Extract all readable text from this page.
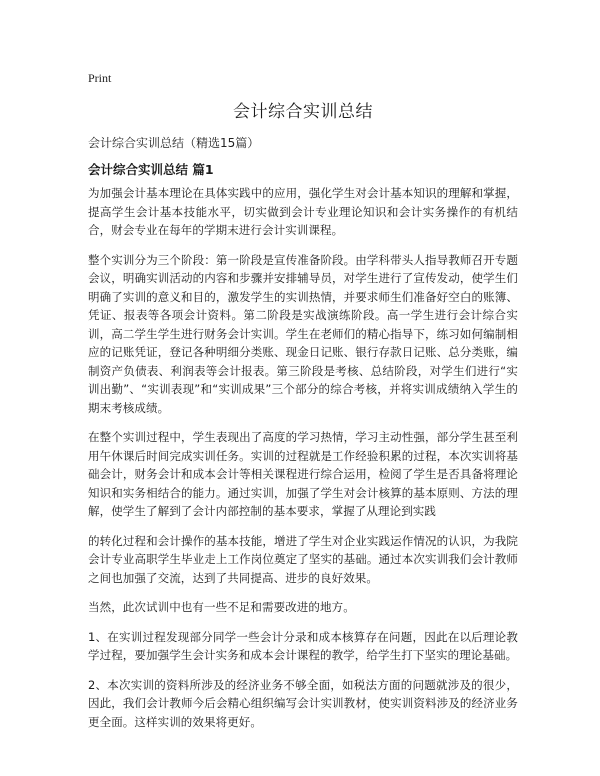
Print
会计综合实训总结
会计综合实训总结（精选15篇）
会计综合实训总结 篇1

为加强会计基本理论在具体实践中的应用，强化学生对会计基本知识的理解和掌握，提高学生会计基本技能水平，切实做到会计专业理论知识和会计实务操作的有机结合，财会专业在每年的学期末进行会计实训课程。

整个实训分为三个阶段：第一阶段是宣传准备阶段。由学科带头人指导教师召开专题会议，明确实训活动的内容和步骤并安排辅导员，对学生进行了宣传发动，使学生们明确了实训的意义和目的，激发学生的实训热情，并要求师生们准备好空白的账簿、凭证、报表等各项会计资料。第二阶段是实战演练阶段。高一学生进行会计综合实训，高二学生学生进行财务会计实训。学生在老师们的精心指导下，练习如何编制相应的记账凭证，登记各种明细分类账、现金日记账、银行存款日记账、总分类账，编制资产负债表、利润表等会计报表。第三阶段是考核、总结阶段，对学生们进行“实训出勤”、“实训表现”和“实训成果”三个部分的综合考核，并将实训成绩纳入学生的期末考核成绩。

在整个实训过程中，学生表现出了高度的学习热情，学习主动性强，部分学生甚至利用午休课后时间完成实训任务。实训的过程就是工作经验积累的过程，本次实训将基础会计，财务会计和成本会计等相关课程进行综合运用，检阅了学生是否具备将理论知识和实务相结合的能力。通过实训，加强了学生对会计核算的基本原则、方法的理解，使学生了解到了会计内部控制的基本要求，掌握了从理论到实践

的转化过程和会计操作的基本技能，增进了学生对企业实践运作情况的认识，为我院会计专业高职学生毕业走上工作岗位奠定了坚实的基础。通过本次实训我们会计教师之间也加强了交流，达到了共同提高、进步的良好效果。

当然，此次试训中也有一些不足和需要改进的地方。

1、在实训过程发现部分同学一些会计分录和成本核算存在问题，因此在以后理论教学过程，要加强学生会计实务和成本会计课程的教学，给学生打下坚实的理论基础。

2、本次实训的资料所涉及的经济业务不够全面，如税法方面的问题就涉及的很少，因此，我们会计教师今后会精心组织编写会计实训教材，使实训资料涉及的经济业务更全面。这样实训的效果将更好。
